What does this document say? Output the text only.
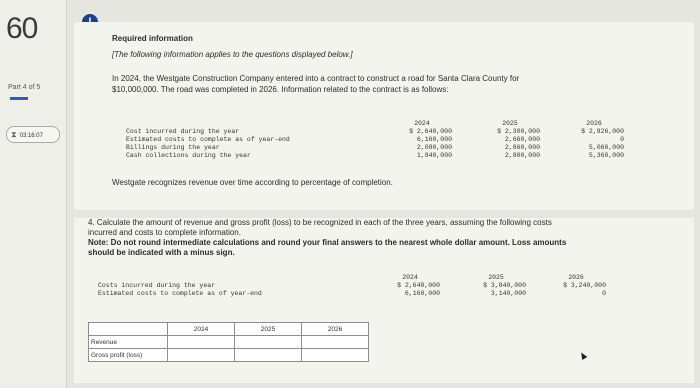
60
Part 4 of 5
⧗ 03:16:07
Required information
[The following information applies to the questions displayed below.]
In 2024, the Westgate Construction Company entered into a contract to construct a road for Santa Clara County for
$10,000,000. The road was completed in 2026. Information related to the contract is as follows:
2024	2025	2026
Cost incurred during the year	$ 2,640,000	$ 2,300,000	$ 2,926,000
Estimated costs to complete as of year-end	6,160,000	2,660,000	0
Billings during the year	2,080,000	2,860,000	5,060,000
Cash collections during the year	1,840,000	2,800,000	5,360,000
Westgate recognizes revenue over time according to percentage of completion.
4. Calculate the amount of revenue and gross profit (loss) to be recognized in each of the three years, assuming the following costs
incurred and costs to complete information.
Note: Do not round intermediate calculations and round your final answers to the nearest whole dollar amount. Loss amounts
should be indicated with a minus sign.
2024	2025	2026
Costs incurred during the year	$ 2,640,000	$ 3,840,000	$ 3,240,000
Estimated costs to complete as of year-end	6,160,000	3,140,000	0
	2024	2025	2026
Revenue			
Gross profit (loss)			
